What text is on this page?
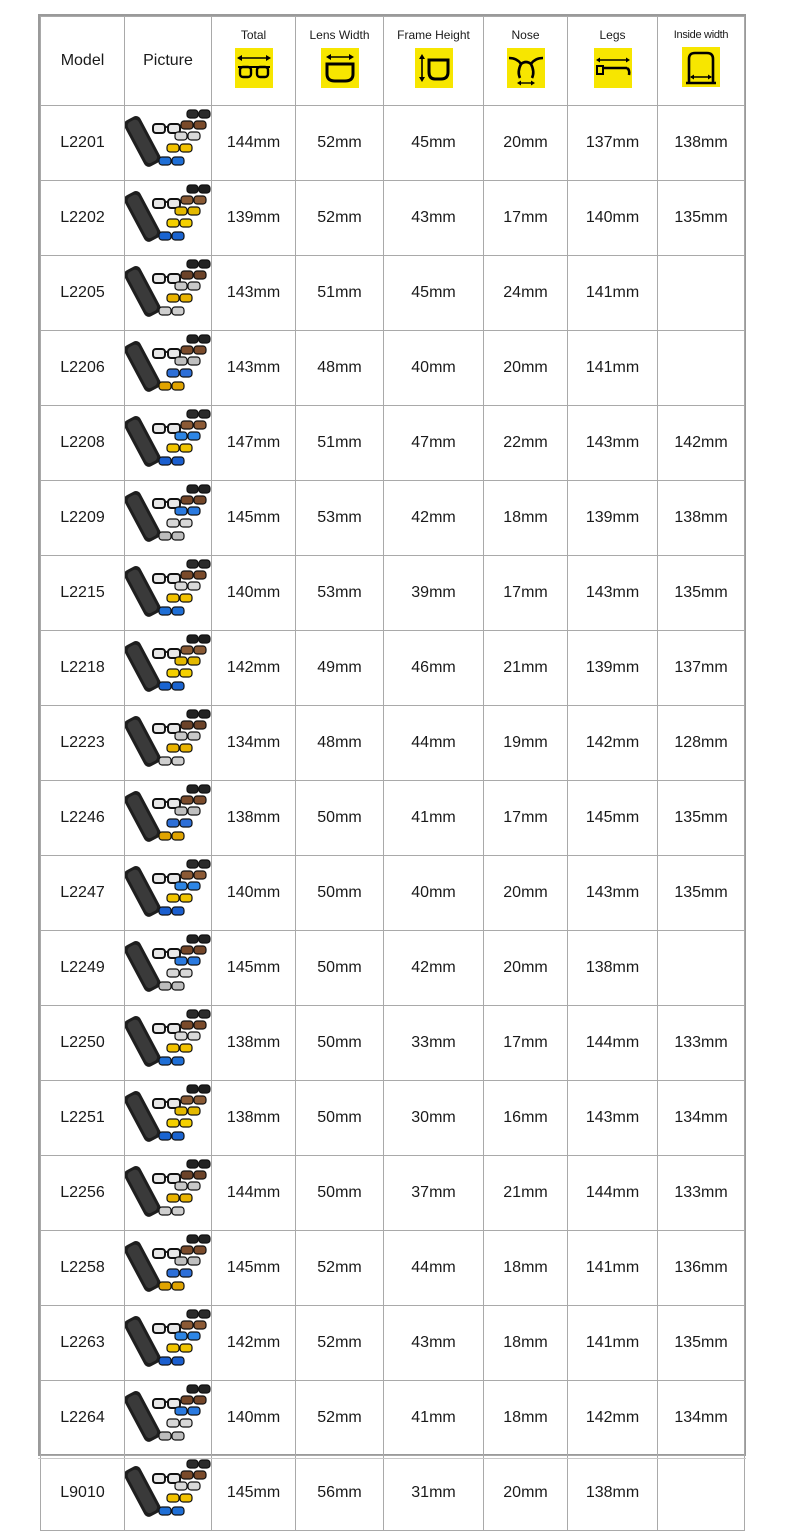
Model	Picture	Total	Lens Width	Frame Height	Nose	Legs	Inside width

L2201		144mm	52mm	45mm	20mm	137mm	138mm
L2202		139mm	52mm	43mm	17mm	140mm	135mm
L2205		143mm	51mm	45mm	24mm	141mm	
L2206		143mm	48mm	40mm	20mm	141mm	
L2208		147mm	51mm	47mm	22mm	143mm	142mm
L2209		145mm	53mm	42mm	18mm	139mm	138mm
L2215		140mm	53mm	39mm	17mm	143mm	135mm
L2218		142mm	49mm	46mm	21mm	139mm	137mm
L2223		134mm	48mm	44mm	19mm	142mm	128mm
L2246		138mm	50mm	41mm	17mm	145mm	135mm
L2247		140mm	50mm	40mm	20mm	143mm	135mm
L2249		145mm	50mm	42mm	20mm	138mm	
L2250		138mm	50mm	33mm	17mm	144mm	133mm
L2251		138mm	50mm	30mm	16mm	143mm	134mm
L2256		144mm	50mm	37mm	21mm	144mm	133mm
L2258		145mm	52mm	44mm	18mm	141mm	136mm
L2263		142mm	52mm	43mm	18mm	141mm	135mm
L2264		140mm	52mm	41mm	18mm	142mm	134mm
L9010		145mm	56mm	31mm	20mm	138mm	
